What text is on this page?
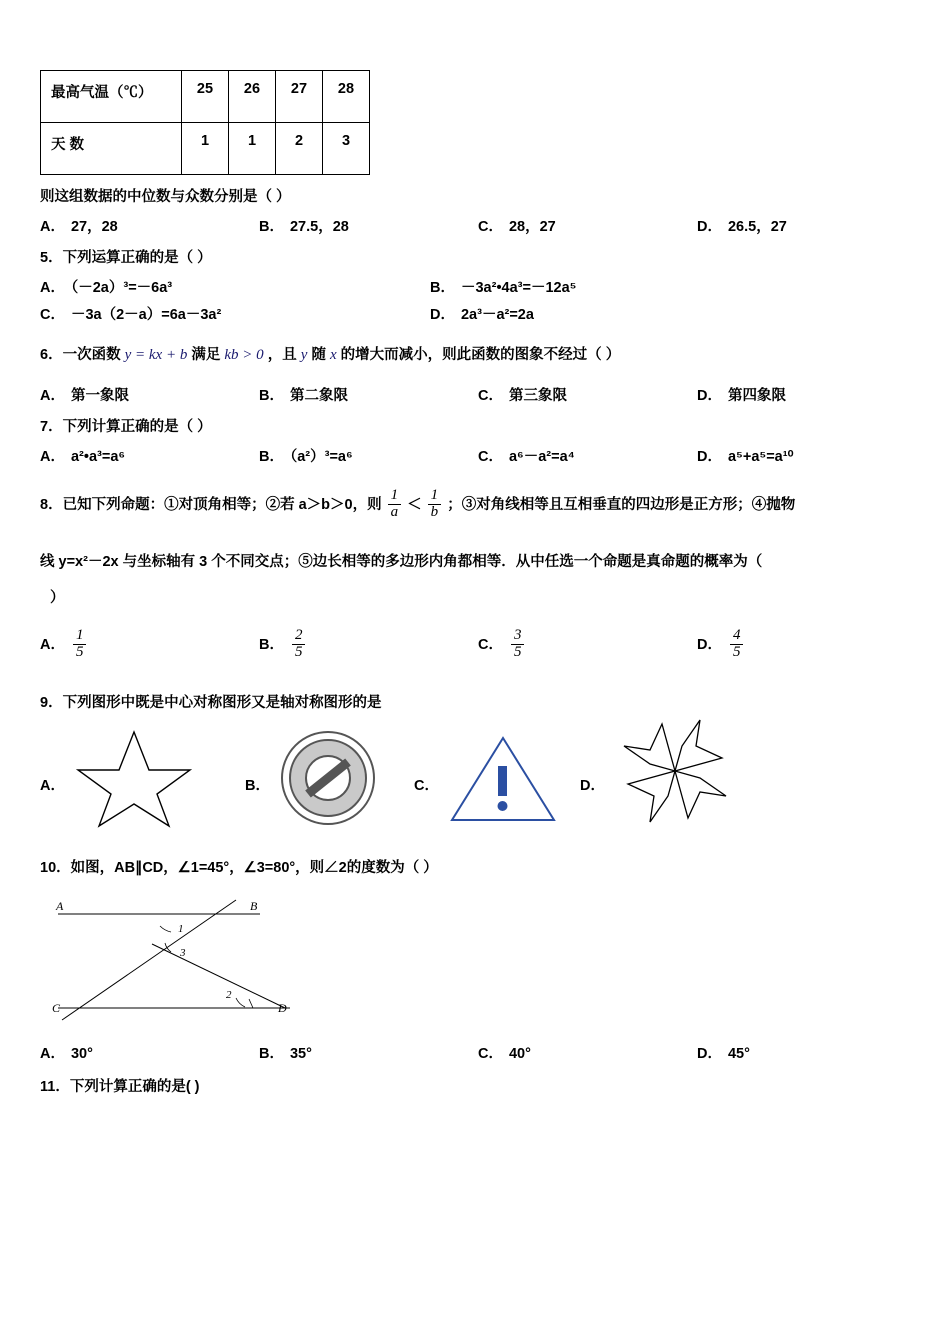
最高气温（℃）	25	26	27	28
天 数	1	1	2	3
则这组数据的中位数与众数分别是（ ）
A． 27，28	B． 27.5，28	C． 28，27	D． 26.5，27
5．下列运算正确的是（ ）
A． （－2a）³=－6a³	B． －3a²•4a³=－12a⁵
C． －3a（2－a）=6a－3a²	D． 2a³－a²=2a
6．一次函数 y = kx + b 满足 kb > 0 ，且 y 随 x 的增大而减小，则此函数的图象不经过（ ）
A． 第一象限	B． 第二象限	C． 第三象限	D． 第四象限
7．下列计算正确的是（ ）
A． a²•a³=a⁶	B． （a²）³=a⁶	C． a⁶－a²=a⁴	D． a⁵+a⁵=a¹⁰
8．已知下列命题：①对顶角相等；②若 a＞b＞0，则 $\frac{1}{a} < \frac{1}{b}$ ；③对角线相等且互相垂直的四边形是正方形；④抛物
线 y=x²－2x 与坐标轴有 3 个不同交点；⑤边长相等的多边形内角都相等．从中任选一个命题是真命题的概率为（
）
A． $\frac{1}{5}$	B． $\frac{2}{5}$	C． $\frac{3}{5}$	D． $\frac{4}{5}$
9．下列图形中既是中心对称图形又是轴对称图形的是
A．	B．	C．	D．
10．如图，AB∥CD，∠1=45°，∠3=80°，则∠2的度数为（ ）
A	B
C	D
1
3
2
A． 30°	B． 35°	C． 40°	D． 45°
11．下列计算正确的是( )
